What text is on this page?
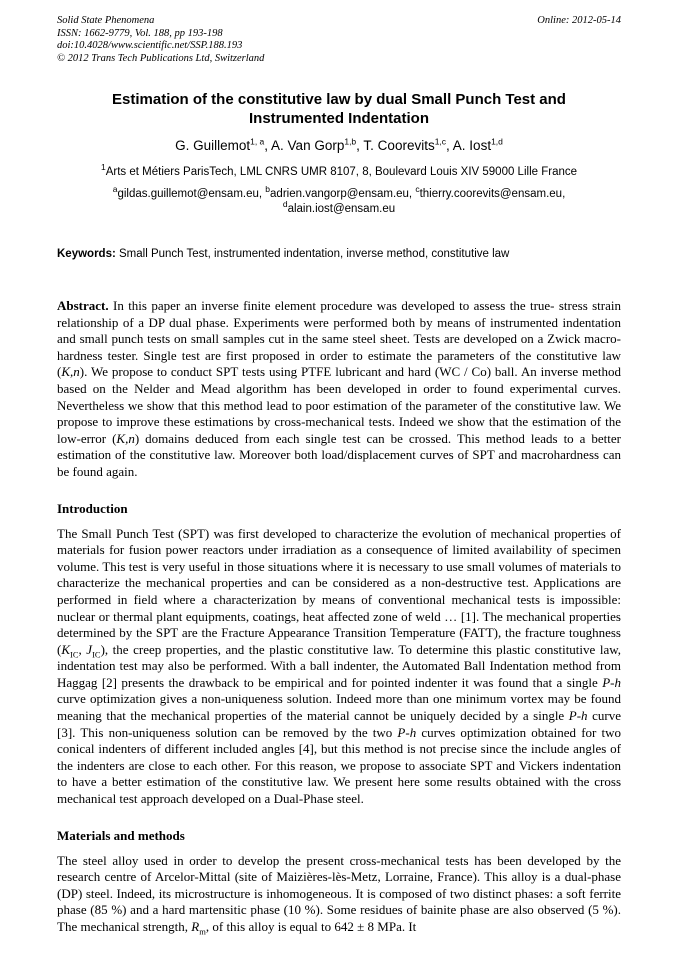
Solid State Phenomena	Online: 2012-05-14
ISSN: 1662-9779, Vol. 188, pp 193-198
doi:10.4028/www.scientific.net/SSP.188.193
© 2012 Trans Tech Publications Ltd, Switzerland
Estimation of the constitutive law by dual Small Punch Test and Instrumented Indentation
G. Guillemot$^{1, a}$, A. Van Gorp$^{1,b}$, T. Coorevits$^{1,c}$, A. Iost$^{1,d}$
$^1$Arts et Métiers ParisTech, LML CNRS UMR 8107, 8, Boulevard Louis XIV 59000 Lille France
$^a$gildas.guillemot@ensam.eu, $^b$adrien.vangorp@ensam.eu, $^c$thierry.coorevits@ensam.eu,
$^d$alain.iost@ensam.eu
Keywords: Small Punch Test, instrumented indentation, inverse method, constitutive law
Abstract. In this paper an inverse finite element procedure was developed to assess the true- stress strain relationship of a DP dual phase. Experiments were performed both by means of instrumented indentation and small punch tests on small samples cut in the same steel sheet. Tests are developed on a Zwick macro-hardness tester. Single test are first proposed in order to estimate the parameters of the constitutive law (K,n). We propose to conduct SPT tests using PTFE lubricant and hard (WC / Co) ball. An inverse method based on the Nelder and Mead algorithm has been developed in order to found experimental curves. Nevertheless we show that this method lead to poor estimation of the parameter of the constitutive law. We propose to improve these estimations by cross-mechanical tests. Indeed we show that the estimation of the low-error (K,n) domains deduced from each single test can be crossed. This method leads to a better estimation of the constitutive law. Moreover both load/displacement curves of SPT and macrohardness can be found again.
Introduction
The Small Punch Test (SPT) was first developed to characterize the evolution of mechanical properties of materials for fusion power reactors under irradiation as a consequence of limited availability of specimen volume. This test is very useful in those situations where it is necessary to use small volumes of materials to characterize the mechanical properties and can be considered as a non-destructive test. Applications are performed in field where a characterization by means of conventional mechanical tests is impossible: nuclear or thermal plant equipments, coatings, heat affected zone of weld … [1]. The mechanical properties determined by the SPT are the Fracture Appearance Transition Temperature (FATT), the fracture toughness ($K_{IC}$, $J_{IC}$), the creep properties, and the plastic constitutive law. To determine this plastic constitutive law, indentation test may also be performed. With a ball indenter, the Automated Ball Indentation method from Haggag [2] presents the drawback to be empirical and for pointed indenter it was found that a single P-h curve optimization gives a non-uniqueness solution. Indeed more than one minimum vortex may be found meaning that the mechanical properties of the material cannot be uniquely decided by a single P-h curve [3]. This non-uniqueness solution can be removed by the two P-h curves optimization obtained for two conical indenters of different included angles [4], but this method is not precise since the include angles of the indenters are close to each other. For this reason, we propose to associate SPT and Vickers indentation to have a better estimation of the constitutive law. We present here some results obtained with the cross mechanical test approach developed on a Dual-Phase steel.
Materials and methods
The steel alloy used in order to develop the present cross-mechanical tests has been developed by the research centre of Arcelor-Mittal (site of Maizières-lès-Metz, Lorraine, France). This alloy is a dual-phase (DP) steel. Indeed, its microstructure is inhomogeneous. It is composed of two distinct phases: a soft ferrite phase (85 %) and a hard martensitic phase (10 %). Some residues of bainite phase are also observed (5 %). The mechanical strength, $R_m$, of this alloy is equal to 642 ± 8 MPa. It
